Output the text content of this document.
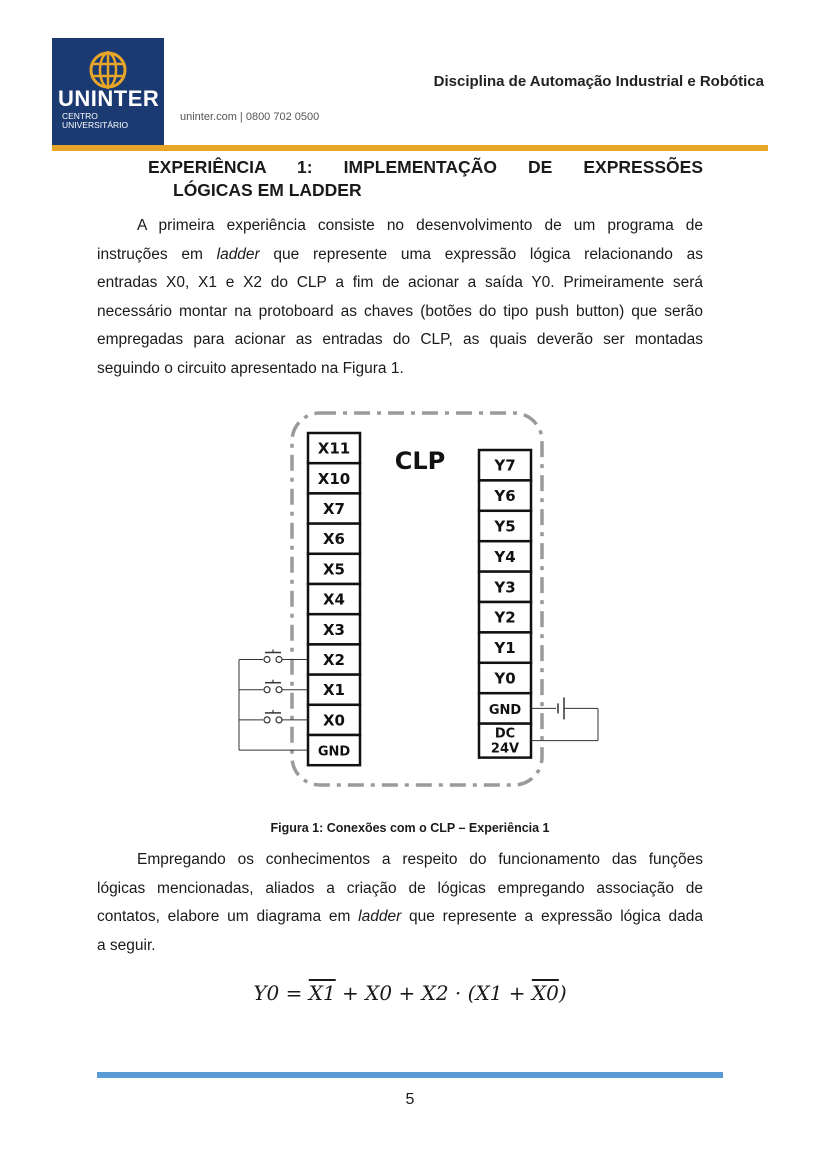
UNINTER
CENTRO
UNIVERSITÁRIO
uninter.com | 0800 702 0500
Disciplina de Automação Industrial e Robótica
EXPERIÊNCIA 1: IMPLEMENTAÇÃO DE EXPRESSÕES
LÓGICAS EM LADDER
A primeira experiência consiste no desenvolvimento de um programa de
instruções em ladder que represente uma expressão lógica relacionando as
entradas X0, X1 e X2 do CLP a fim de acionar a saída Y0. Primeiramente será
necessário montar na protoboard as chaves (botões do tipo push button) que serão
empregadas para acionar as entradas do CLP, as quais deverão ser montadas
seguindo o circuito apresentado na Figura 1.
CLP
X11
X10
X7
X6
X5
X4
X3
X2
X1
X0
GND
Y7
Y6
Y5
Y4
Y3
Y2
Y1
Y0
GND
DC
24V
Figura 1: Conexões com o CLP – Experiência 1
Empregando os conhecimentos a respeito do funcionamento das funções
lógicas mencionadas, aliados a criação de lógicas empregando associação de
contatos, elabore um diagrama em ladder que represente a expressão lógica dada
a seguir.
Y0 = X1 + X0 + X2 · (X1 + X0)
5
